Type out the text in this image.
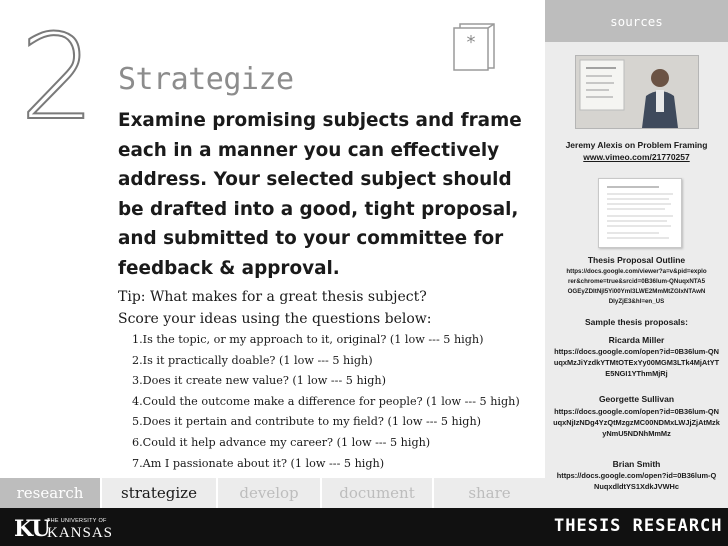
sources
Jeremy Alexis on Problem Framing
www.vimeo.com/21770257
Thesis Proposal Outline
https://docs.google.com/viewer?a=v&pid=explorer&chrome=true&srcid=0B36lum-QNuqxNTA5OGEyZDItNjI5Yi00YmI3LWE2MmMtZGIxNTAwNDIyZjE3&hl=en_US
Sample thesis proposals:
Ricarda Miller
https://docs.google.com/open?id=0B36lum-QNuqxMzJiYzdkYTMtOTExYy00MGM3LTk4MjAtYTE5NGI1YThmMjRj
Georgette Sullivan
https://docs.google.com/open?id=0B36lum-QNuqxNjIzNDg4YzQtMzgzMC00NDMxLWJjZjAtMzkyNmU5NDNhMmMz
Brian Smith
https://docs.google.com/open?id=0B36lum-QNuqxdldtYS1XdkJVWHc
2	*
Strategize
Examine promising subjects and frame each in a manner you can effectively address. Your selected subject should be drafted into a good, tight proposal, and submitted to your committee for feedback & approval.
Tip: What makes for a great thesis subject?
Score your ideas using the questions below:
1.Is the topic, or my approach to it, original? (1 low --- 5 high)
2.Is it practically doable? (1 low --- 5 high)
3.Does it create new value? (1 low --- 5 high)
4.Could the outcome make a difference for people? (1 low --- 5 high)
5.Does it pertain and contribute to my field? (1 low --- 5 high)
6.Could it help advance my career? (1 low --- 5 high)
7.Am I passionate about it? (1 low --- 5 high)
research	strategize	develop	document	share
KU
THE UNIVERSITY OF
KANSAS	THESIS RESEARCH
